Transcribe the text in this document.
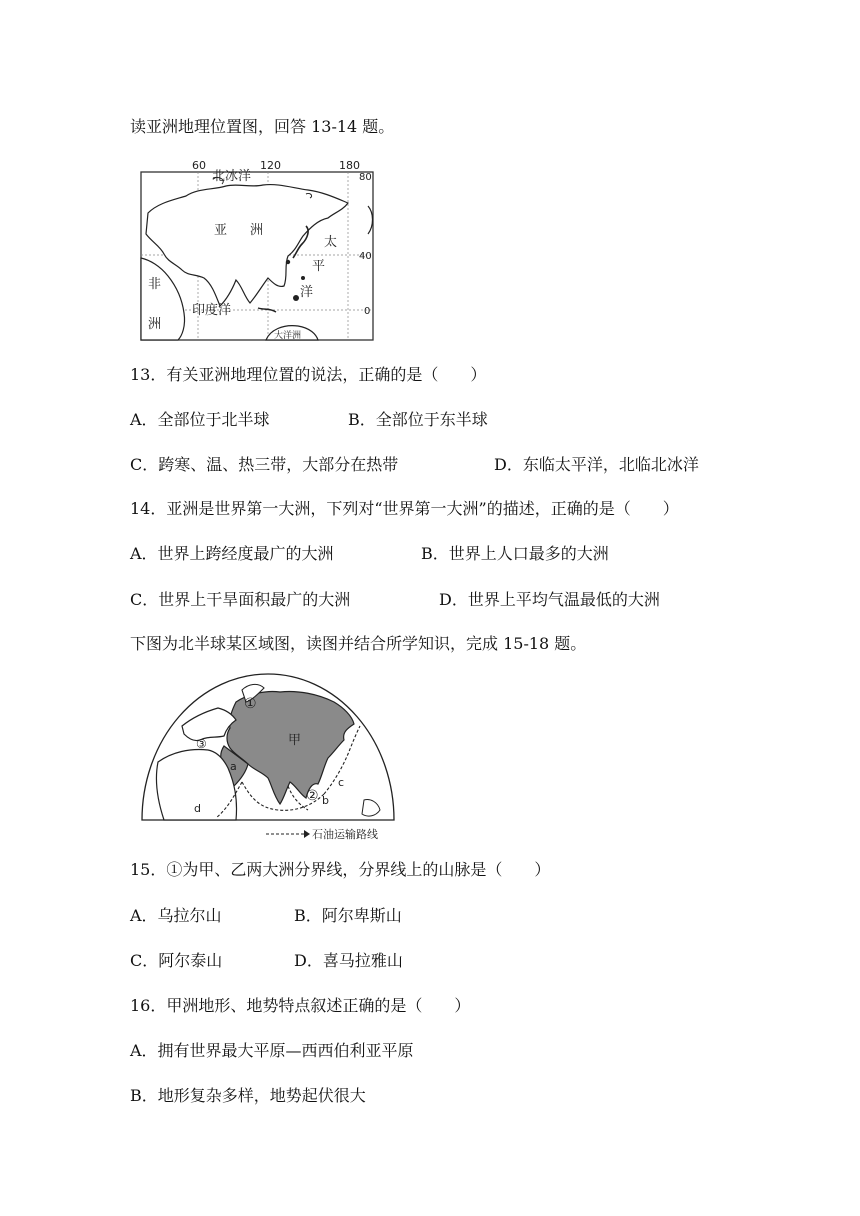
读亚洲地理位置图，回答 13-14 题。
60	120	180
80
40
0
北冰洋
亚 洲
太
平
洋
非
洲
印度洋
大洋洲
13．有关亚洲地理位置的说法，正确的是（　　）
A．全部位于北半球	B．全部位于东半球
C．跨寒、温、热三带，大部分在热带	D．东临太平洋，北临北冰洋
14．亚洲是世界第一大洲，下列对“世界第一大洲”的描述，正确的是（　　）
A．世界上跨经度最广的大洲	B．世界上人口最多的大洲
C．世界上干旱面积最广的大洲	D．世界上平均气温最低的大洲
下图为北半球某区域图，读图并结合所学知识，完成 15-18 题。
甲
①
②
③
a
b
c
d
石油运输路线
15．①为甲、乙两大洲分界线，分界线上的山脉是（　　）
A．乌拉尔山	B．阿尔卑斯山
C．阿尔泰山	D．喜马拉雅山
16．甲洲地形、地势特点叙述正确的是（　　）
A．拥有世界最大平原—西西伯利亚平原
B．地形复杂多样，地势起伏很大
